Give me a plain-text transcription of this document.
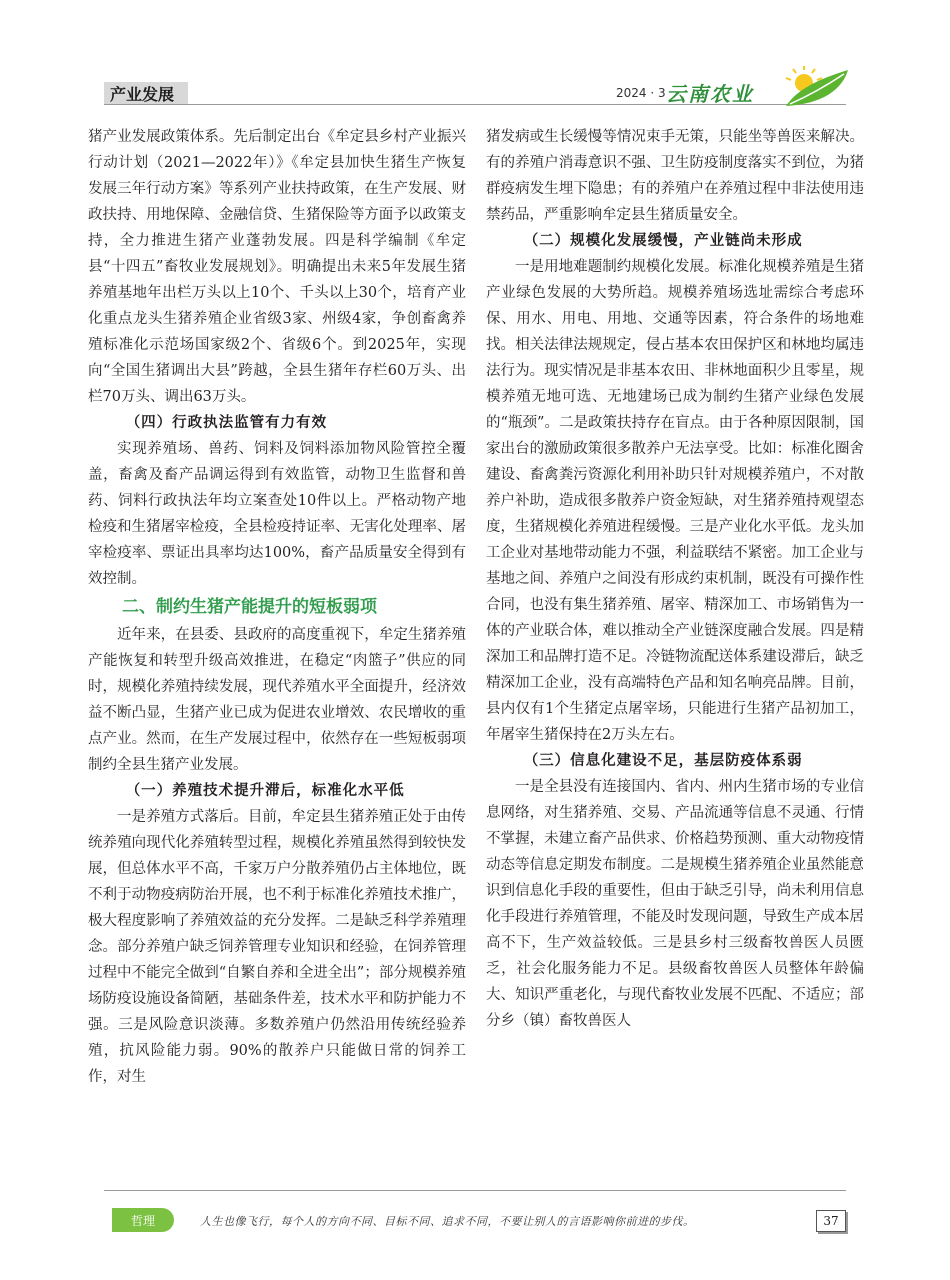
产业发展	2024 · 3 云南农业

猪产业发展政策体系。先后制定出台《牟定县乡村产业振兴行动计划（2021—2022年）》《牟定县加快生猪生产恢复发展三年行动方案》等系列产业扶持政策，在生产发展、财政扶持、用地保障、金融信贷、生猪保险等方面予以政策支持，全力推进生猪产业蓬勃发展。四是科学编制《牟定县“十四五”畜牧业发展规划》。明确提出未来5年发展生猪养殖基地年出栏万头以上10个、千头以上30个，培育产业化重点龙头生猪养殖企业省级3家、州级4家，争创畜禽养殖标准化示范场国家级2个、省级6个。到2025年，实现向“全国生猪调出大县”跨越，全县生猪年存栏60万头、出栏70万头、调出63万头。

（四）行政执法监管有力有效

实现养殖场、兽药、饲料及饲料添加物风险管控全覆盖，畜禽及畜产品调运得到有效监管，动物卫生监督和兽药、饲料行政执法年均立案查处10件以上。严格动物产地检疫和生猪屠宰检疫，全县检疫持证率、无害化处理率、屠宰检疫率、票证出具率均达100%，畜产品质量安全得到有效控制。

二、制约生猪产能提升的短板弱项

近年来，在县委、县政府的高度重视下，牟定生猪养殖产能恢复和转型升级高效推进，在稳定“肉篮子”供应的同时，规模化养殖持续发展，现代养殖水平全面提升，经济效益不断凸显，生猪产业已成为促进农业增效、农民增收的重点产业。然而，在生产发展过程中，依然存在一些短板弱项制约全县生猪产业发展。

（一）养殖技术提升滞后，标准化水平低

一是养殖方式落后。目前，牟定县生猪养殖正处于由传统养殖向现代化养殖转型过程，规模化养殖虽然得到较快发展，但总体水平不高，千家万户分散养殖仍占主体地位，既不利于动物疫病防治开展，也不利于标准化养殖技术推广，极大程度影响了养殖效益的充分发挥。二是缺乏科学养殖理念。部分养殖户缺乏饲养管理专业知识和经验，在饲养管理过程中不能完全做到“自繁自养和全进全出”；部分规模养殖场防疫设施设备简陋，基础条件差，技术水平和防护能力不强。三是风险意识淡薄。多数养殖户仍然沿用传统经验养殖，抗风险能力弱。90%的散养户只能做日常的饲养工作，对生

猪发病或生长缓慢等情况束手无策，只能坐等兽医来解决。有的养殖户消毒意识不强、卫生防疫制度落实不到位，为猪群疫病发生埋下隐患；有的养殖户在养殖过程中非法使用违禁药品，严重影响牟定县生猪质量安全。

（二）规模化发展缓慢，产业链尚未形成

一是用地难题制约规模化发展。标准化规模养殖是生猪产业绿色发展的大势所趋。规模养殖场选址需综合考虑环保、用水、用电、用地、交通等因素，符合条件的场地难找。相关法律法规规定，侵占基本农田保护区和林地均属违法行为。现实情况是非基本农田、非林地面积少且零星，规模养殖无地可选、无地建场已成为制约生猪产业绿色发展的“瓶颈”。二是政策扶持存在盲点。由于各种原因限制，国家出台的激励政策很多散养户无法享受。比如：标准化圈舍建设、畜禽粪污资源化利用补助只针对规模养殖户，不对散养户补助，造成很多散养户资金短缺，对生猪养殖持观望态度，生猪规模化养殖进程缓慢。三是产业化水平低。龙头加工企业对基地带动能力不强，利益联结不紧密。加工企业与基地之间、养殖户之间没有形成约束机制，既没有可操作性合同，也没有集生猪养殖、屠宰、精深加工、市场销售为一体的产业联合体，难以推动全产业链深度融合发展。四是精深加工和品牌打造不足。冷链物流配送体系建设滞后，缺乏精深加工企业，没有高端特色产品和知名响亮品牌。目前，县内仅有1个生猪定点屠宰场，只能进行生猪产品初加工，年屠宰生猪保持在2万头左右。

（三）信息化建设不足，基层防疫体系弱

一是全县没有连接国内、省内、州内生猪市场的专业信息网络，对生猪养殖、交易、产品流通等信息不灵通、行情不掌握，未建立畜产品供求、价格趋势预测、重大动物疫情动态等信息定期发布制度。二是规模生猪养殖企业虽然能意识到信息化手段的重要性，但由于缺乏引导，尚未利用信息化手段进行养殖管理，不能及时发现问题，导致生产成本居高不下，生产效益较低。三是县乡村三级畜牧兽医人员匮乏，社会化服务能力不足。县级畜牧兽医人员整体年龄偏大、知识严重老化，与现代畜牧业发展不匹配、不适应；部分乡（镇）畜牧兽医人

哲理	人生也像飞行，每个人的方向不同、目标不同、追求不同，不要让别人的言语影响你前进的步伐。	37
